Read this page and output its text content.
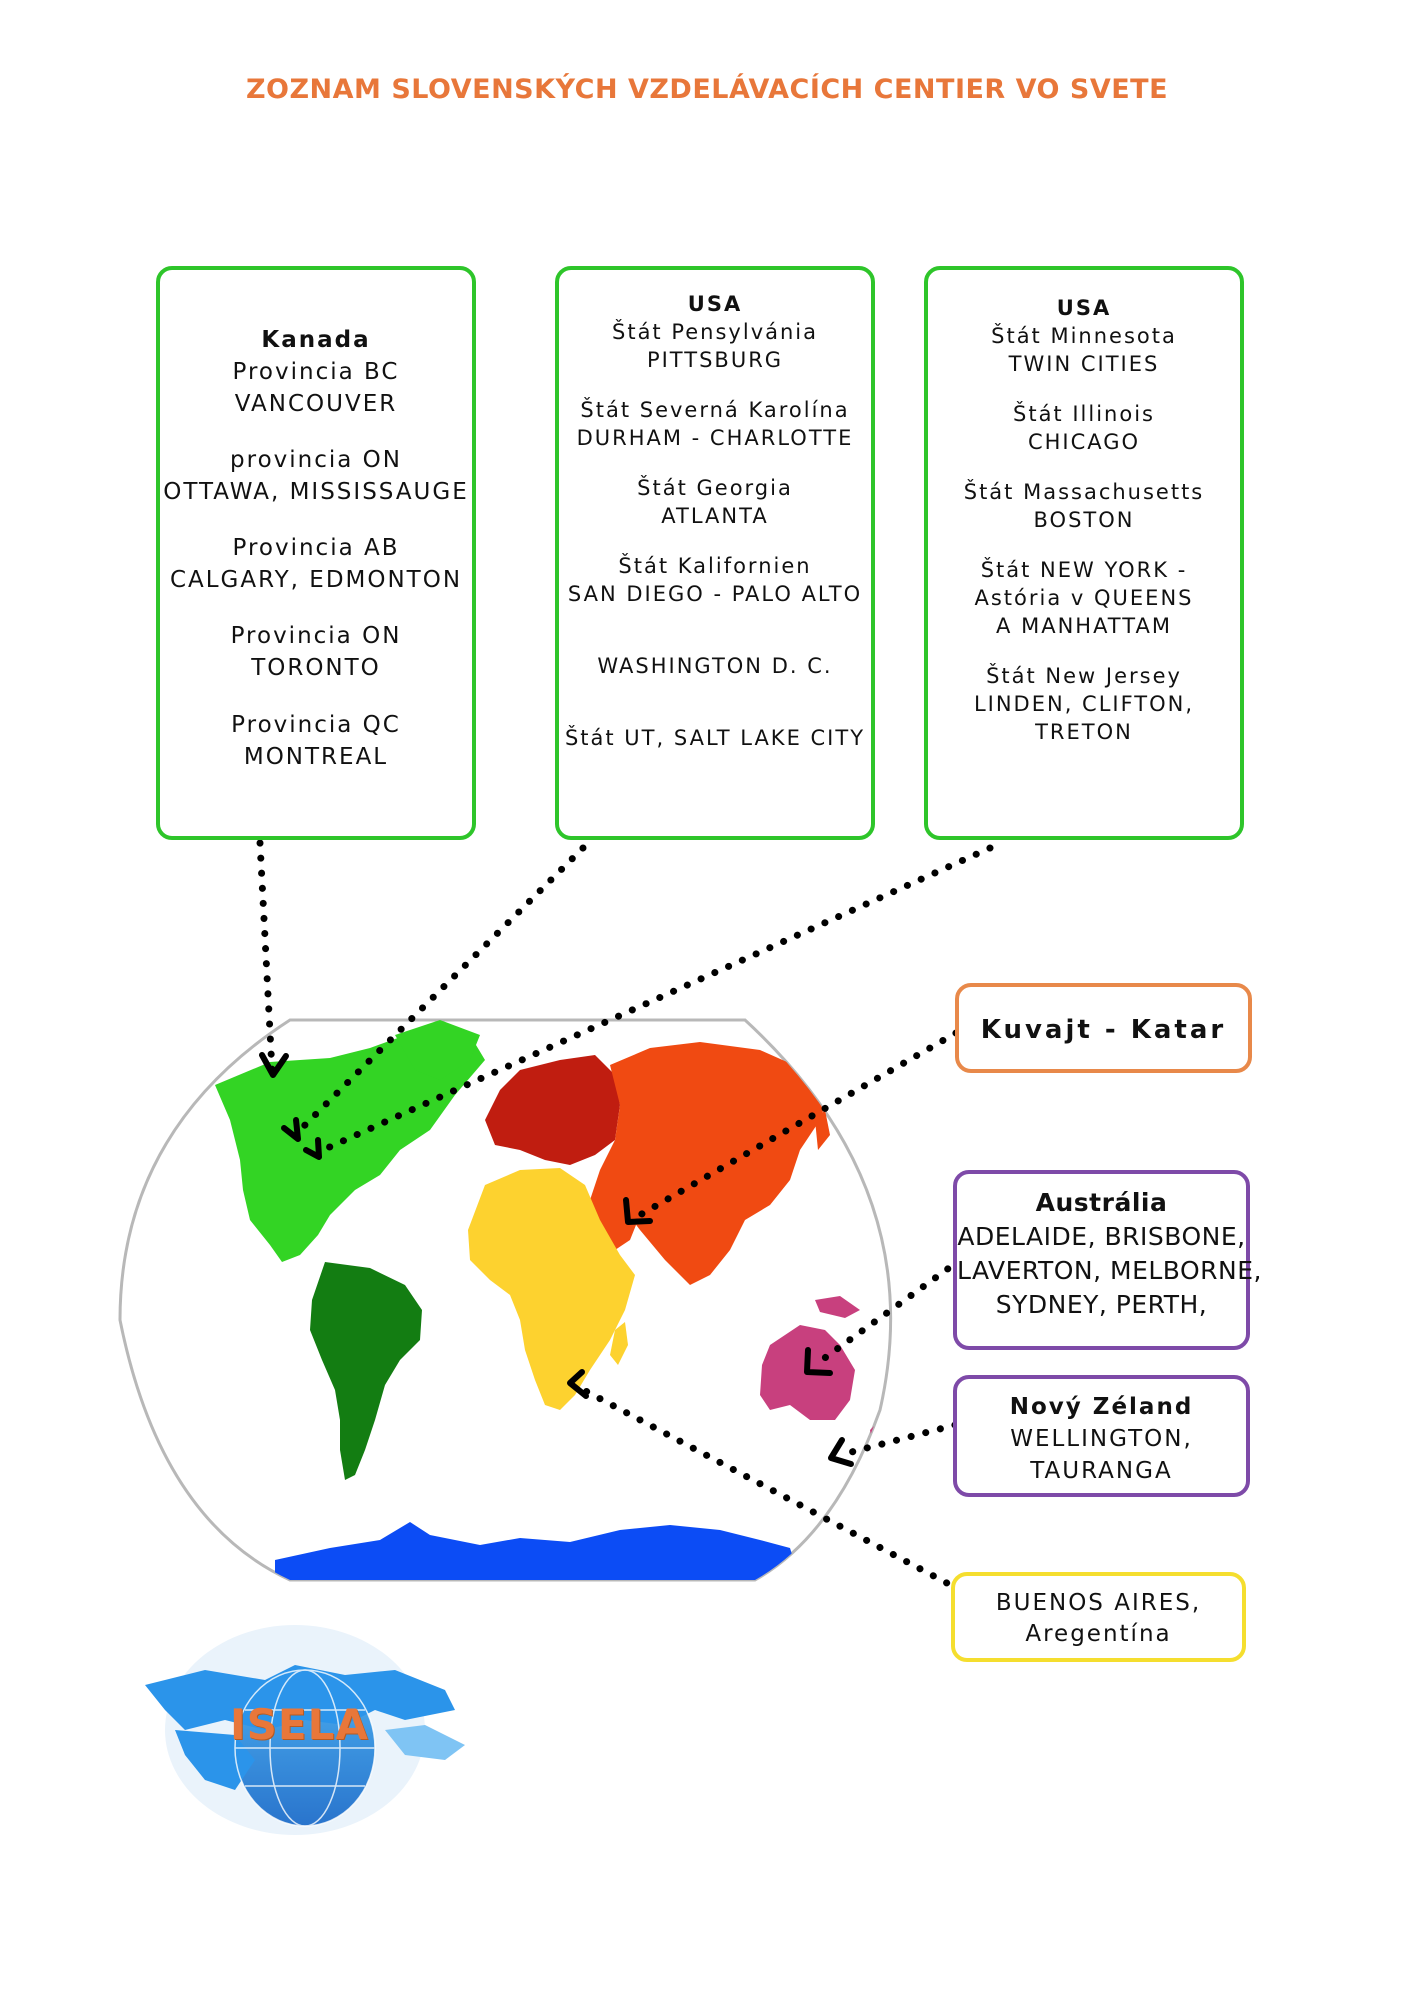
ZOZNAM SLOVENSKÝCH VZDELÁVACÍCH CENTIER VO SVETE
ISELA
Kanada
Provincia BC
VANCOUVER
provincia ON
OTTAWA, MISSISSAUGE
Provincia AB
CALGARY, EDMONTON
Provincia ON
TORONTO
Provincia QC
MONTREAL
USA
Štát Pensylvánia
PITTSBURG
Štát Severná Karolína
DURHAM - CHARLOTTE
Štát Georgia
ATLANTA
Štát Kalifornien
SAN DIEGO - PALO ALTO
WASHINGTON D. C.
Štát UT, SALT LAKE CITY
USA
Štát Minnesota
TWIN CITIES
Štát Illinois
CHICAGO
Štát Massachusetts
BOSTON
Štát NEW YORK -
Astória v QUEENS
A MANHATTAM
Štát New Jersey
LINDEN, CLIFTON,
TRETON
Kuvajt - Katar
Austrália
ADELAIDE, BRISBONE,
LAVERTON, MELBORNE,
SYDNEY, PERTH,
Nový Zéland
WELLINGTON,
TAURANGA
BUENOS AIRES,
Aregentína
